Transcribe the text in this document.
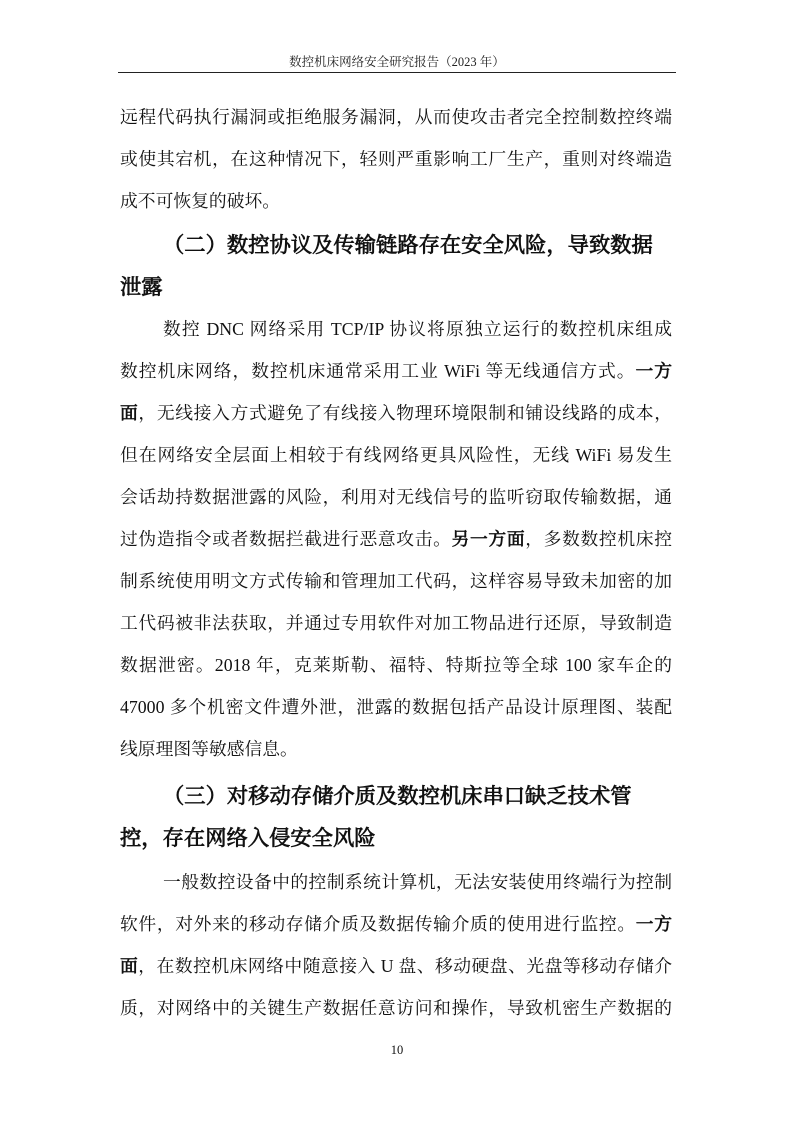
数控机床网络安全研究报告（2023 年）
远程代码执行漏洞或拒绝服务漏洞，从而使攻击者完全控制数控终端
或使其宕机，在这种情况下，轻则严重影响工厂生产，重则对终端造
成不可恢复的破坏。
（二）数控协议及传输链路存在安全风险，导致数据
泄露
数控 DNC 网络采用 TCP/IP 协议将原独立运行的数控机床组成
数控机床网络，数控机床通常采用工业 WiFi 等无线通信方式。一方
面，无线接入方式避免了有线接入物理环境限制和铺设线路的成本，
但在网络安全层面上相较于有线网络更具风险性，无线 WiFi 易发生
会话劫持数据泄露的风险，利用对无线信号的监听窃取传输数据，通
过伪造指令或者数据拦截进行恶意攻击。另一方面，多数数控机床控
制系统使用明文方式传输和管理加工代码，这样容易导致未加密的加
工代码被非法获取，并通过专用软件对加工物品进行还原，导致制造
数据泄密。2018 年，克莱斯勒、福特、特斯拉等全球 100 家车企的
47000 多个机密文件遭外泄，泄露的数据包括产品设计原理图、装配
线原理图等敏感信息。
（三）对移动存储介质及数控机床串口缺乏技术管
控，存在网络入侵安全风险
一般数控设备中的控制系统计算机，无法安装使用终端行为控制
软件，对外来的移动存储介质及数据传输介质的使用进行监控。一方
面，在数控机床网络中随意接入 U 盘、移动硬盘、光盘等移动存储介
质，对网络中的关键生产数据任意访问和操作，导致机密生产数据的
10
